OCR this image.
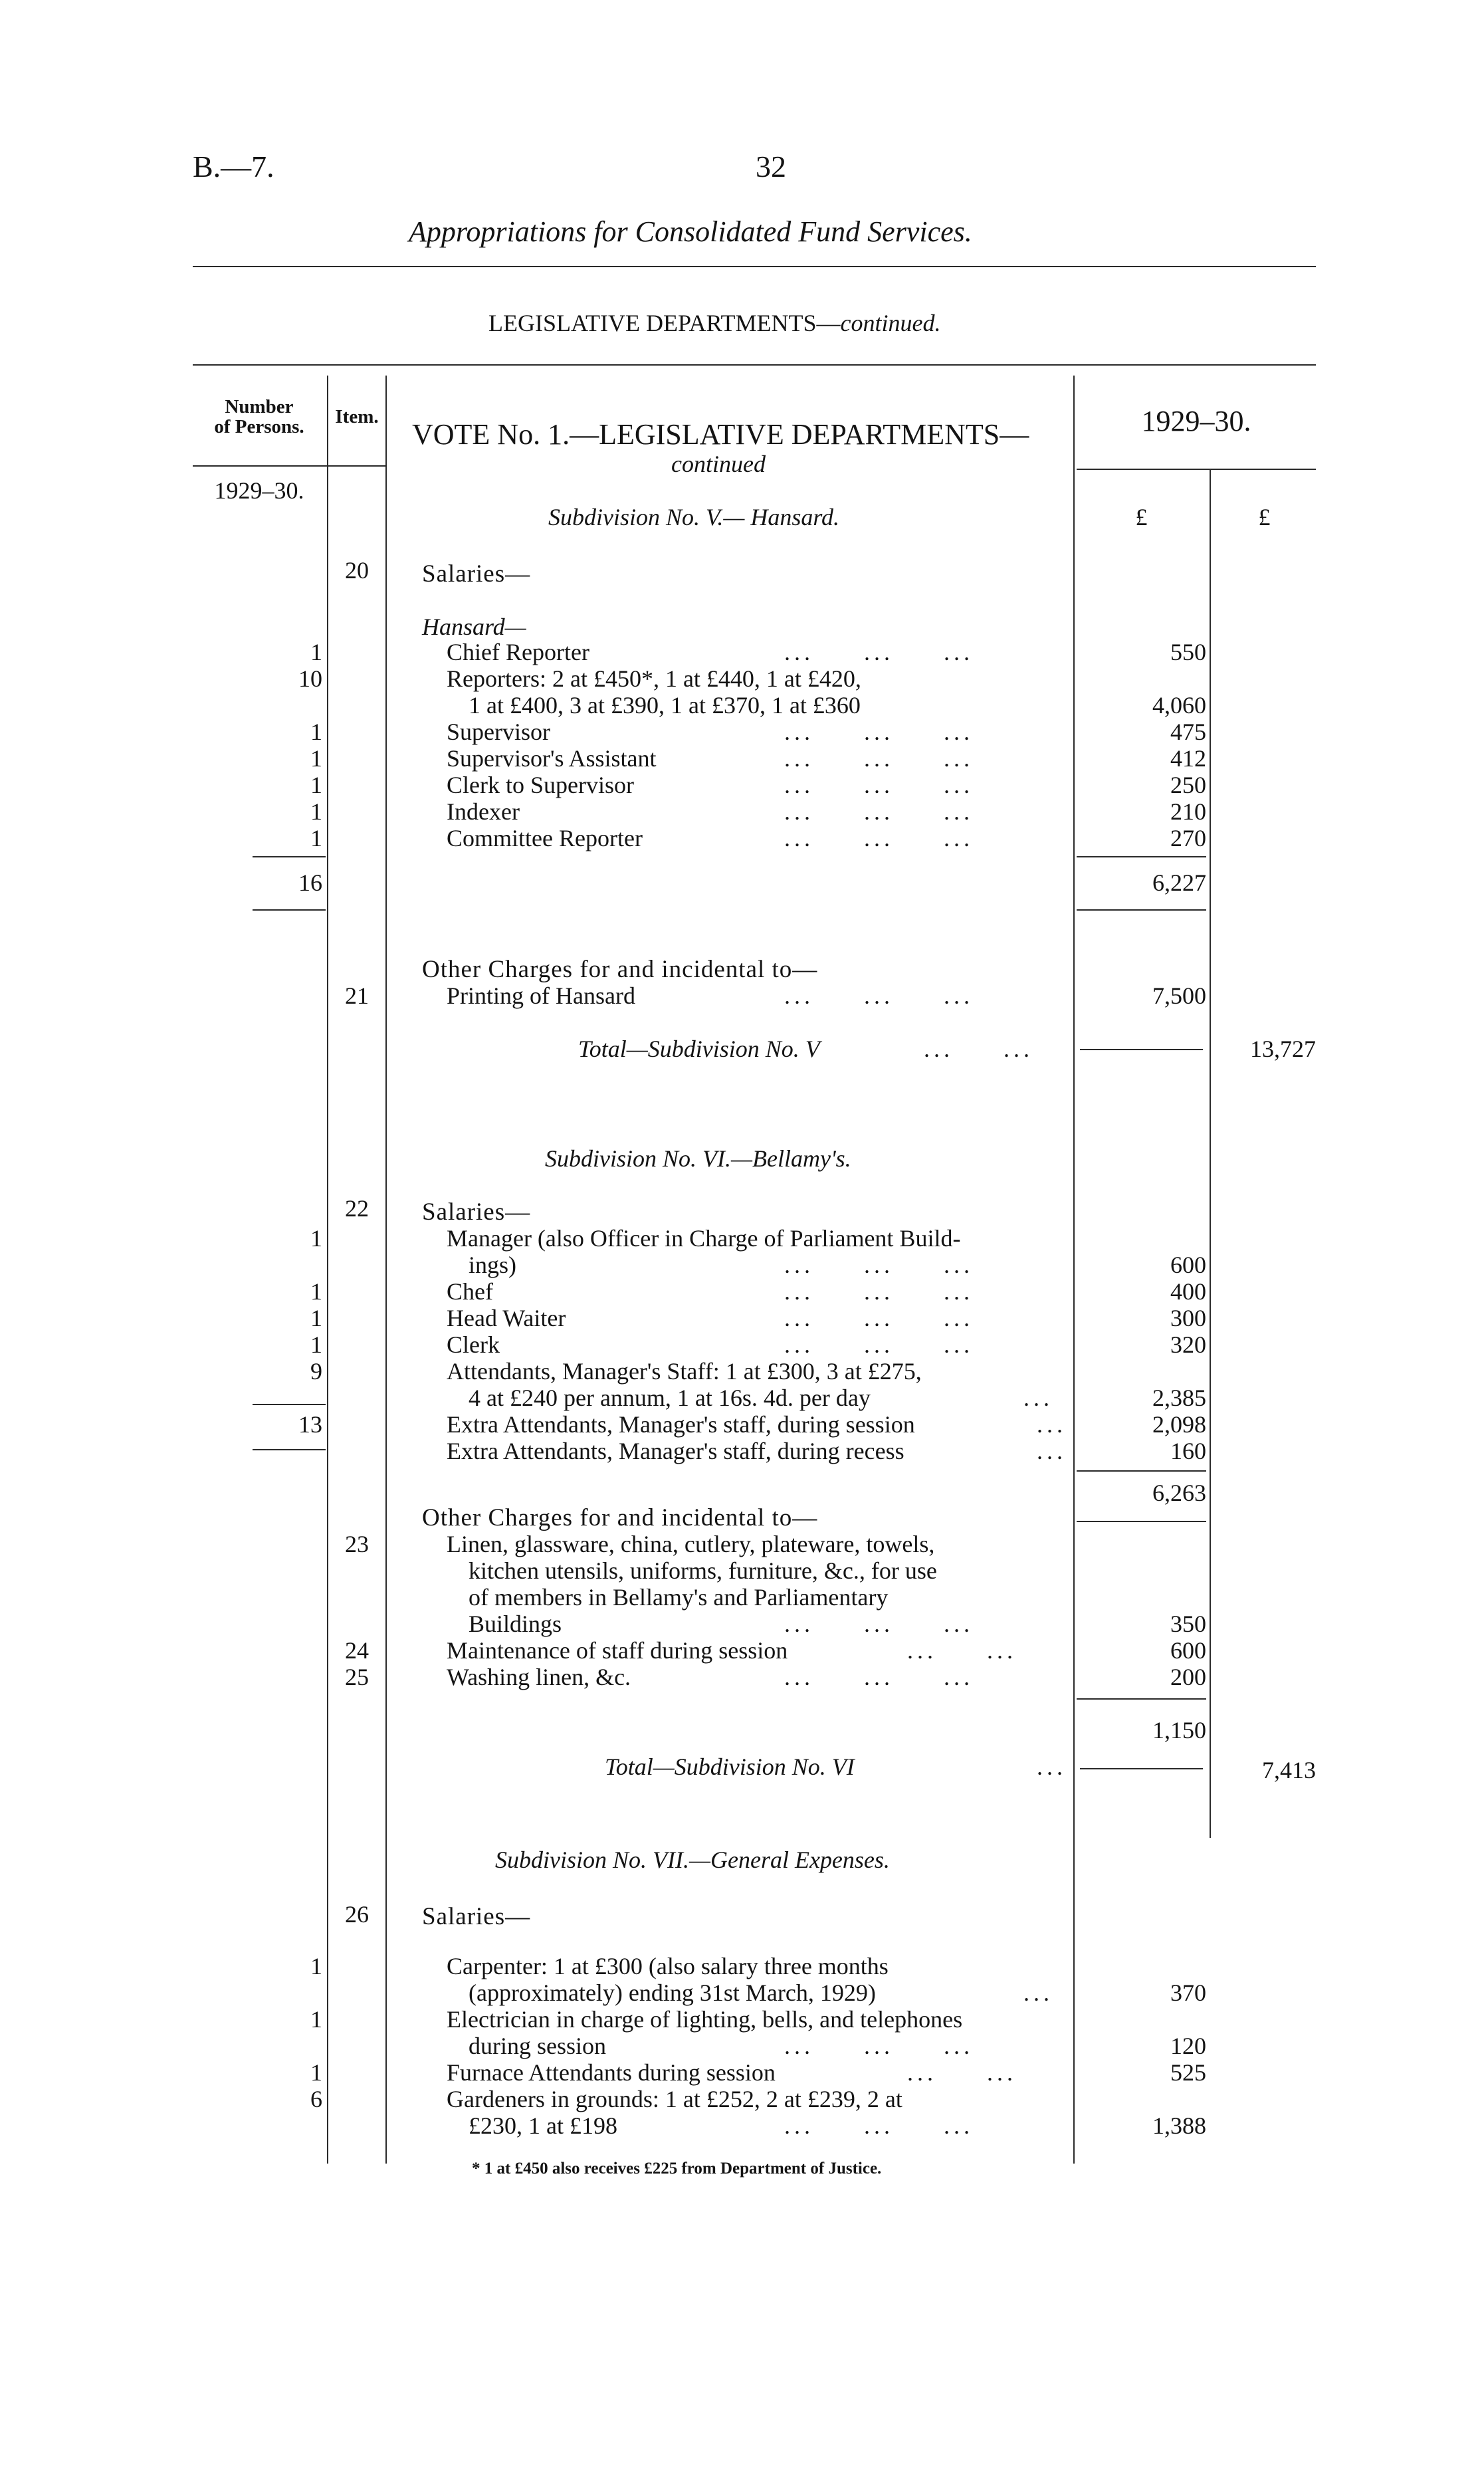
B.—7.	32
Appropriations for Consolidated Fund Services.
LEGISLATIVE DEPARTMENTS—continued.
Number
of Persons.	Item.
VOTE No. 1.—LEGISLATIVE DEPARTMENTS—
continued
1929–30.
1929–30.
£	£
Subdivision No. V.— Hansard.
20	Salaries—
Hansard—
1	Chief Reporter	...     ...     ...	550
10	Reporters: 2 at £450*, 1 at £440, 1 at £420,
1 at £400, 3 at £390, 1 at £370, 1 at £360	4,060
1	Supervisor	...     ...     ...	475
1	Supervisor's Assistant	...     ...     ...	412
1	Clerk to Supervisor	...     ...     ...	250
1	Indexer	...     ...     ...	210
1	Committee Reporter	...     ...     ...	270
16	6,227
Other Charges for and incidental to—
21	Printing of Hansard	...     ...     ...	7,500
Total—Subdivision No. V	...     ...	13,727
Subdivision No. VI.—Bellamy's.
22	Salaries—
1	Manager (also Officer in Charge of Parliament Build-
ings)	...     ...     ...	600
1	Chef	...     ...     ...	400
1	Head Waiter	...     ...     ...	300
1	Clerk	...     ...     ...	320
9	Attendants, Manager's Staff: 1 at £300, 3 at £275,
4 at £240 per annum, 1 at 16s. 4d. per day	...	2,385
13	Extra Attendants, Manager's staff, during session	...	2,098
Extra Attendants, Manager's staff, during recess	...	160
6,263
Other Charges for and incidental to—
23	Linen, glassware, china, cutlery, plateware, towels,
kitchen utensils, uniforms, furniture, &c., for use
of members in Bellamy's and Parliamentary
Buildings	...     ...     ...	350
24	Maintenance of staff during session	...     ...	600
25	Washing linen, &c.	...     ...     ...	200
1,150
Total—Subdivision No. VI	...	7,413
Subdivision No. VII.—General Expenses.
26	Salaries—
1	Carpenter: 1 at £300 (also salary three months
(approximately) ending 31st March, 1929)	...	370
1	Electrician in charge of lighting, bells, and telephones
during session	...     ...     ...	120
1	Furnace Attendants during session	...     ...	525
6	Gardeners in grounds: 1 at £252, 2 at £239, 2 at
£230, 1 at £198	...     ...     ...	1,388
* 1 at £450 also receives £225 from Department of Justice.
